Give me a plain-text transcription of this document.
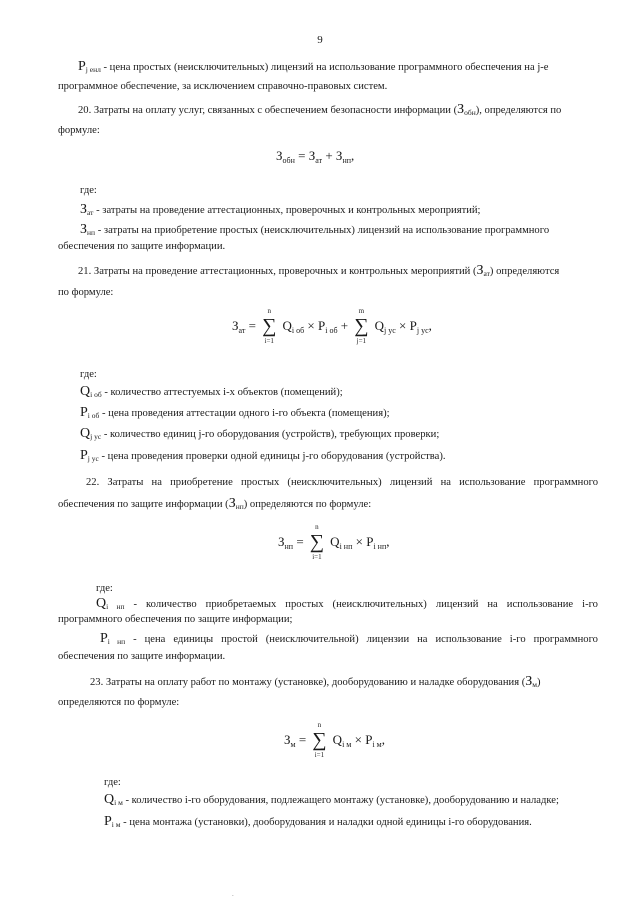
9
Pj енл - цена простых (неисключительных) лицензий на использование программного обеспечения на j-е
программное обеспечение, за исключением справочно-правовых систем.
20. Затраты на оплату услуг, связанных с обеспечением безопасности информации (Зобн), определяются по
формуле:
$З_{обн} = З_{ат} + З_{нп}$,
где:
Зат - затраты на проведение аттестационных, проверочных и контрольных мероприятий;
Знп - затраты на приобретение простых (неисключительных) лицензий на использование программного
обеспечения по защите информации.
21. Затраты на проведение аттестационных, проверочных и контрольных мероприятий (Зат) определяются
по формуле:
$З_{ат}$ =
n
∑
i=1
$Q_{i об} \times P_{i об}$ +
m
∑
j=1
$Q_{j ус} \times P_{j ус}$,
где:
Qi об - количество аттестуемых i-х объектов (помещений);
Pi об - цена проведения аттестации одного i-го объекта (помещения);
Qj ус - количество единиц j-го оборудования (устройств), требующих проверки;
Pj ус - цена проведения проверки одной единицы j-го оборудования (устройства).
22. Затраты на приобретение простых (неисключительных) лицензий на использование программного
обеспечения по защите информации (Знп) определяются по формуле:
$З_{нп}$ =
n
∑
i=1
$Q_{i нп} \times P_{i нп}$,
где:
Qi нп - количество приобретаемых простых (неисключительных) лицензий на использование i-го
программного обеспечения по защите информации;
Pi нп - цена единицы простой (неисключительной) лицензии на использование i-го программного
обеспечения по защите информации.
23. Затраты на оплату работ по монтажу (установке), дооборудованию и наладке оборудования (Зм)
определяются по формуле:
$З_м$ =
n
∑
i=1
$Q_{i м} \times P_{i м}$,
где:
Qi м - количество i-го оборудования, подлежащего монтажу (установке), дооборудованию и наладке;
Pi м - цена монтажа (установки), дооборудования и наладки одной единицы i-го оборудования.
.
